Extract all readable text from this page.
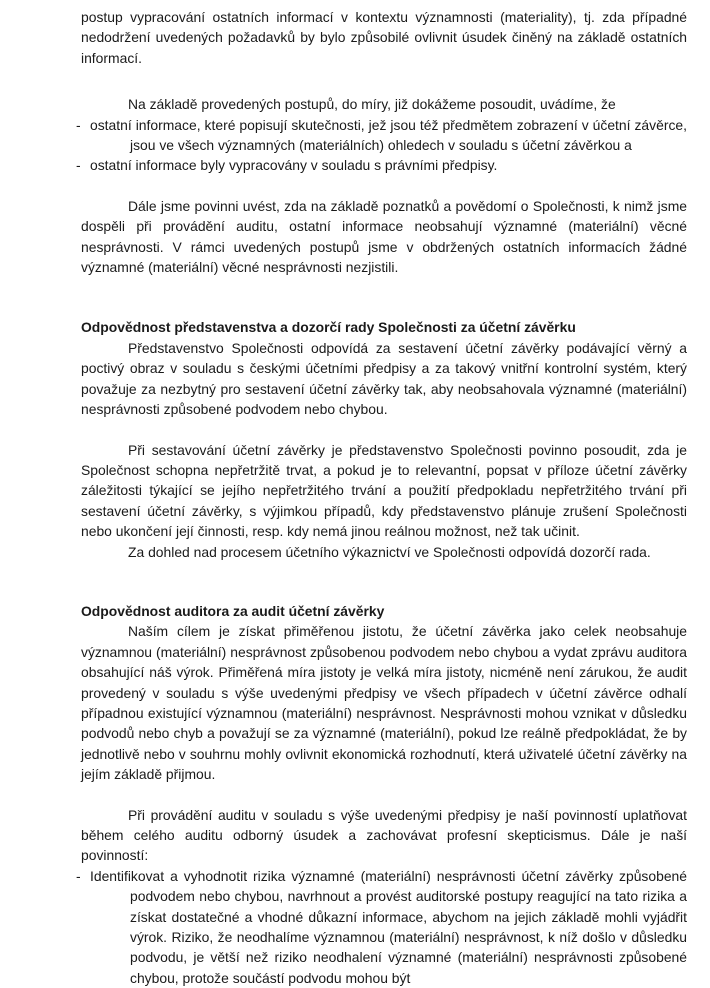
postup vypracování ostatních informací v kontextu významnosti (materiality), tj. zda případné nedodržení uvedených požadavků by bylo způsobilé ovlivnit úsudek činěný na základě ostatních informací.

Na základě provedených postupů, do míry, již dokážeme posoudit, uvádíme, že

- ostatní informace, které popisují skutečnosti, jež jsou též předmětem zobrazení v účetní závěrce, jsou ve všech významných (materiálních) ohledech v souladu s účetní závěrkou a
- ostatní informace byly vypracovány v souladu s právními předpisy.

Dále jsme povinni uvést, zda na základě poznatků a povědomí o Společnosti, k nimž jsme dospěli při provádění auditu, ostatní informace neobsahují významné (materiální) věcné nesprávnosti. V rámci uvedených postupů jsme v obdržených ostatních informacích žádné významné (materiální) věcné nesprávnosti nezjistili.

Odpovědnost představenstva a dozorčí rady Společnosti za účetní závěrku

Představenstvo Společnosti odpovídá za sestavení účetní závěrky podávající věrný a poctivý obraz v souladu s českými účetními předpisy a za takový vnitřní kontrolní systém, který považuje za nezbytný pro sestavení účetní závěrky tak, aby neobsahovala významné (materiální) nesprávnosti způsobené podvodem nebo chybou.

Při sestavování účetní závěrky je představenstvo Společnosti povinno posoudit, zda je Společnost schopna nepřetržitě trvat, a pokud je to relevantní, popsat v příloze účetní závěrky záležitosti týkající se jejího nepřetržitého trvání a použití předpokladu nepřetržitého trvání při sestavení účetní závěrky, s výjimkou případů, kdy představenstvo plánuje zrušení Společnosti nebo ukončení její činnosti, resp. kdy nemá jinou reálnou možnost, než tak učinit.

Za dohled nad procesem účetního výkaznictví ve Společnosti odpovídá dozorčí rada.

Odpovědnost auditora za audit účetní závěrky

Naším cílem je získat přiměřenou jistotu, že účetní závěrka jako celek neobsahuje významnou (materiální) nesprávnost způsobenou podvodem nebo chybou a vydat zprávu auditora obsahující náš výrok. Přiměřená míra jistoty je velká míra jistoty, nicméně není zárukou, že audit provedený v souladu s výše uvedenými předpisy ve všech případech v účetní závěrce odhalí případnou existující významnou (materiální) nesprávnost. Nesprávnosti mohou vznikat v důsledku podvodů nebo chyb a považují se za významné (materiální), pokud lze reálně předpokládat, že by jednotlivě nebo v souhrnu mohly ovlivnit ekonomická rozhodnutí, která uživatelé účetní závěrky na jejím základě přijmou.

Při provádění auditu v souladu s výše uvedenými předpisy je naší povinností uplatňovat během celého auditu odborný úsudek a zachovávat profesní skepticismus. Dále je naší povinností:

- Identifikovat a vyhodnotit rizika významné (materiální) nesprávnosti účetní závěrky způsobené podvodem nebo chybou, navrhnout a provést auditorské postupy reagující na tato rizika a získat dostatečné a vhodné důkazní informace, abychom na jejich základě mohli vyjádřit výrok. Riziko, že neodhalíme významnou (materiální) nesprávnost, k níž došlo v důsledku podvodu, je větší než riziko neodhalení významné (materiální) nesprávnosti způsobené chybou, protože součástí podvodu mohou být
